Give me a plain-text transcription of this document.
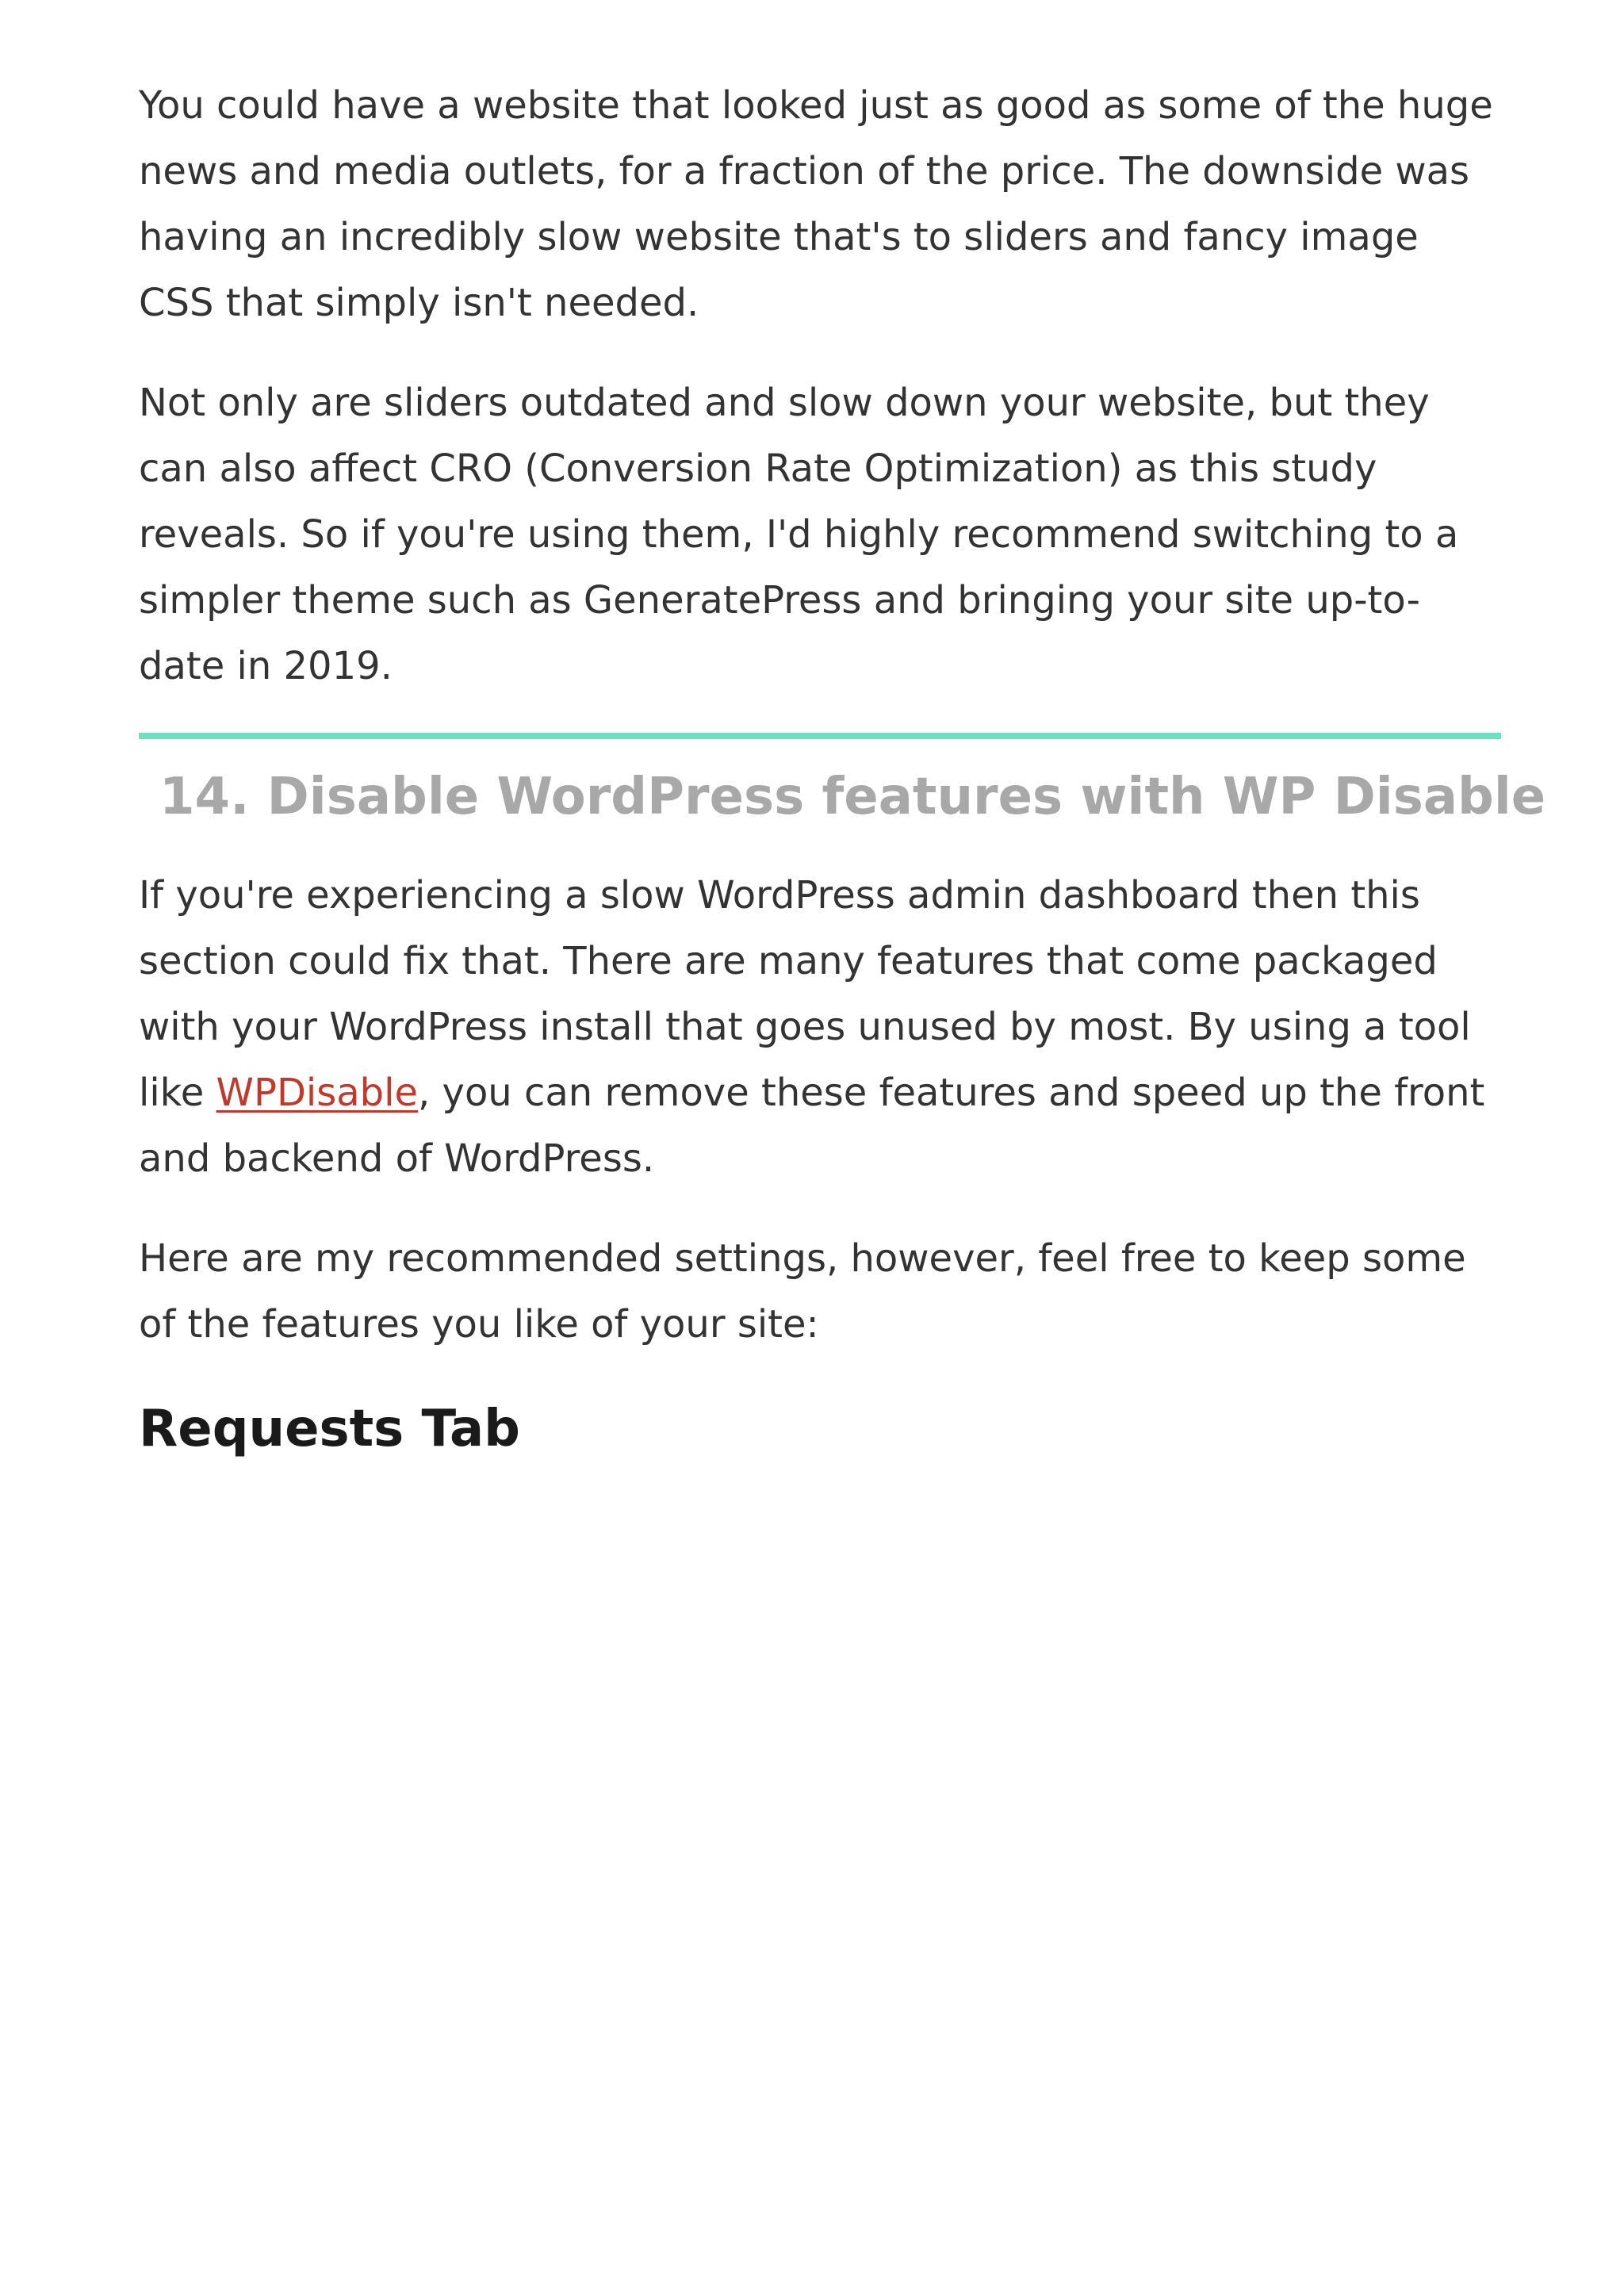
You could have a website that looked just as good as some of the huge news and media outlets, for a fraction of the price. The downside was having an incredibly slow website that's to sliders and fancy image CSS that simply isn't needed.

Not only are sliders outdated and slow down your website, but they can also affect CRO (Conversion Rate Optimization) as this study reveals. So if you're using them, I'd highly recommend switching to a simpler theme such as GeneratePress and bringing your site up-to-date in 2019.

14. Disable WordPress features with WP Disable

If you're experiencing a slow WordPress admin dashboard then this section could fix that. There are many features that come packaged with your WordPress install that goes unused by most. By using a tool like WPDisable, you can remove these features and speed up the front and backend of WordPress.

Here are my recommended settings, however, feel free to keep some of the features you like of your site:

Requests Tab
